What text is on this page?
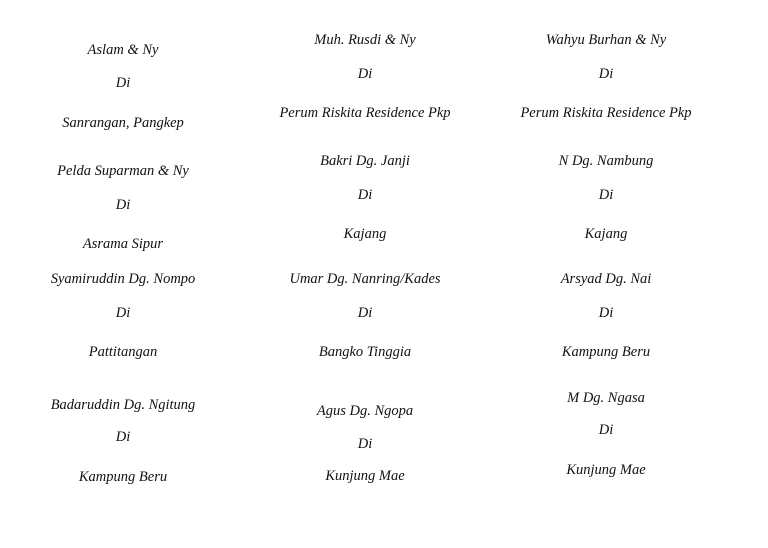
Aslam & Ny
Di
Sanrangan, Pangkep
Pelda Suparman & Ny
Di
Asrama Sipur
Syamiruddin Dg. Nompo
Di
Pattitangan
Badaruddin Dg. Ngitung
Di
Kampung Beru
Muh. Rusdi & Ny
Di
Perum Riskita Residence Pkp
Bakri Dg. Janji
Di
Kajang
Umar Dg. Nanring/Kades
Di
Bangko Tinggia
Agus Dg. Ngopa
Di
Kunjung Mae
Wahyu Burhan & Ny
Di
Perum Riskita Residence Pkp
N Dg. Nambung
Di
Kajang
Arsyad Dg. Nai
Di
Kampung Beru
M Dg. Ngasa
Di
Kunjung Mae
